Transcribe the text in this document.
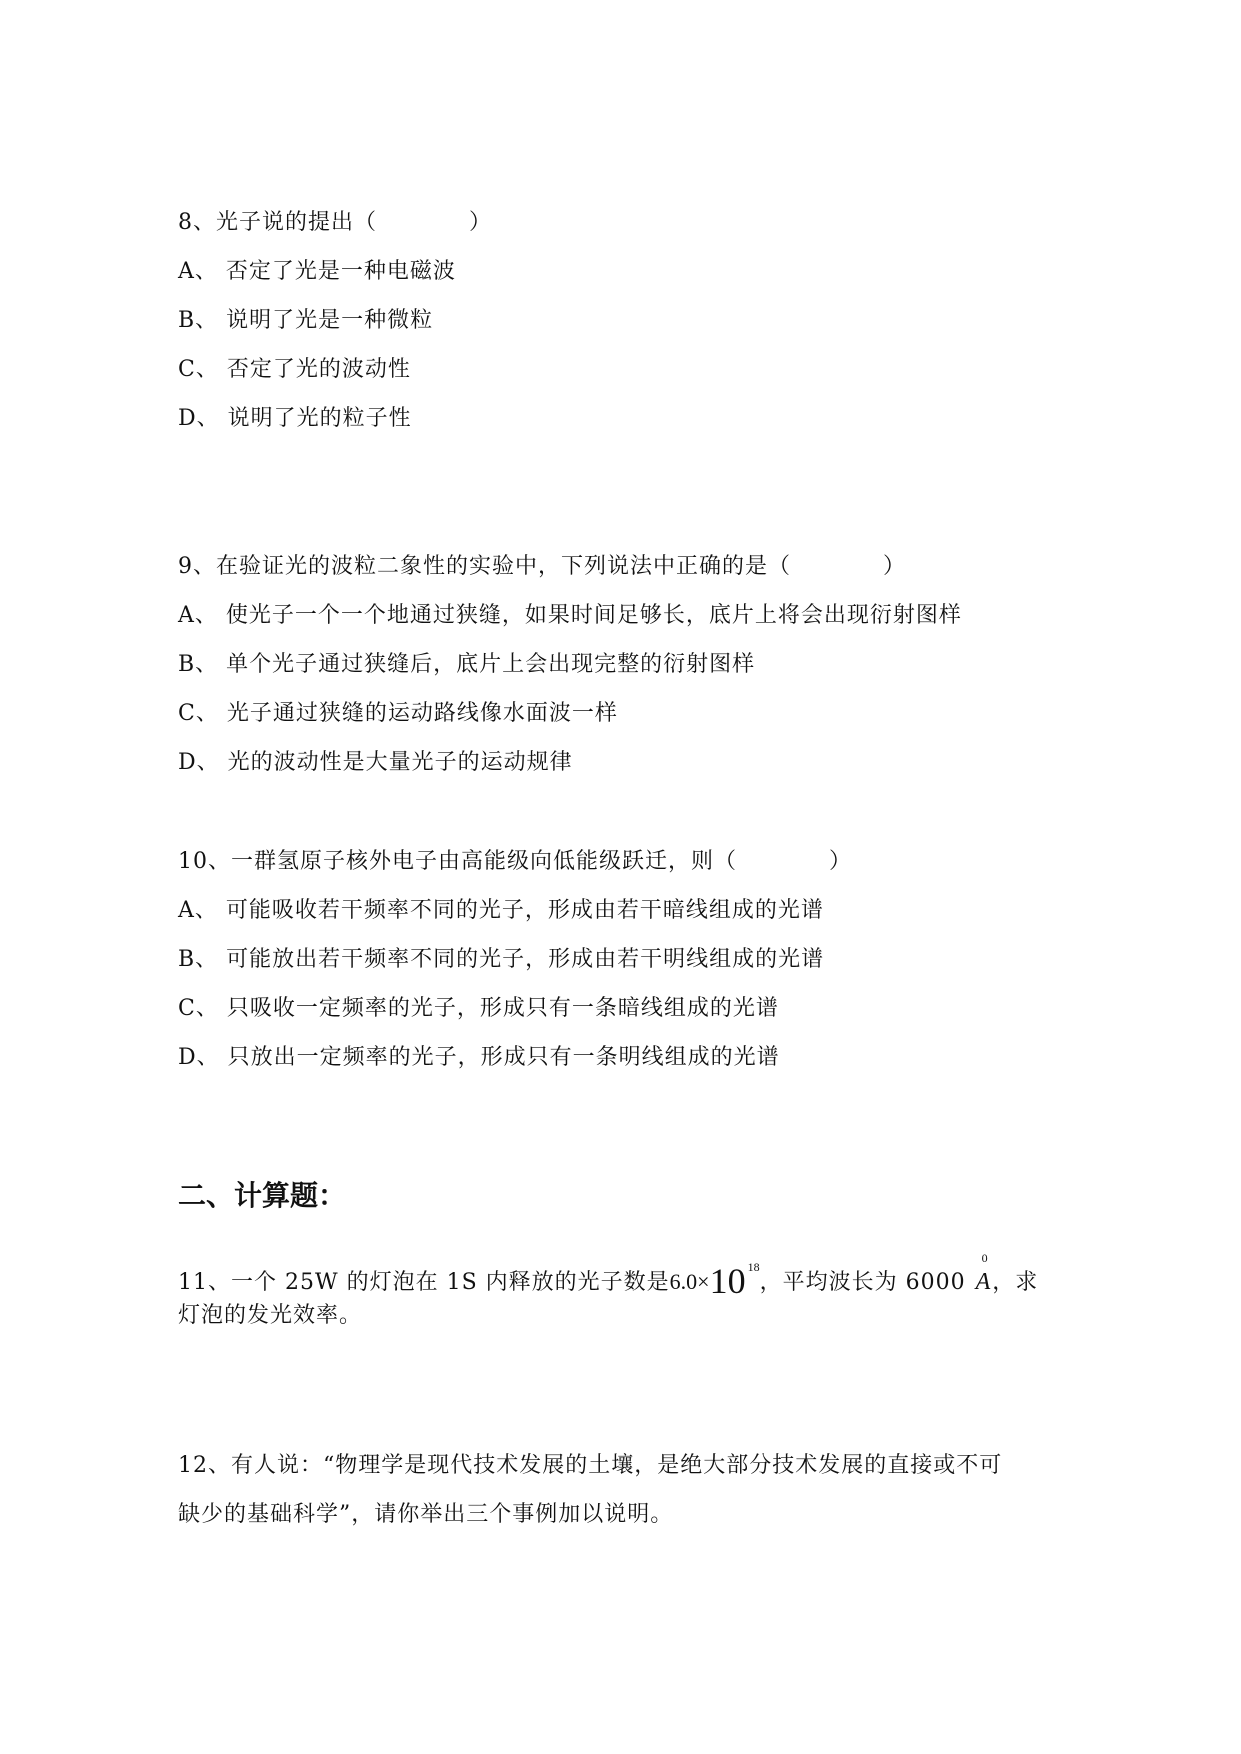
8、光子说的提出（　　　　）
A、 否定了光是一种电磁波
B、 说明了光是一种微粒
C、 否定了光的波动性
D、 说明了光的粒子性
9、在验证光的波粒二象性的实验中，下列说法中正确的是（　　　　）
A、 使光子一个一个地通过狭缝，如果时间足够长，底片上将会出现衍射图样
B、 单个光子通过狭缝后，底片上会出现完整的衍射图样
C、 光子通过狭缝的运动路线像水面波一样
D、 光的波动性是大量光子的运动规律
10、一群氢原子核外电子由高能级向低能级跃迁，则（　　　　）
A、 可能吸收若干频率不同的光子，形成由若干暗线组成的光谱
B、 可能放出若干频率不同的光子，形成由若干明线组成的光谱
C、 只吸收一定频率的光子，形成只有一条暗线组成的光谱
D、 只放出一定频率的光子，形成只有一条明线组成的光谱
二、计算题：
11、一个 25W 的灯泡在 1S 内释放的光子数是6.0×10 $^{18}$，平均波长为 6000
0
A，求
灯泡的发光效率。
12、有人说：“物理学是现代技术发展的土壤，是绝大部分技术发展的直接或不可
缺少的基础科学”，请你举出三个事例加以说明。
